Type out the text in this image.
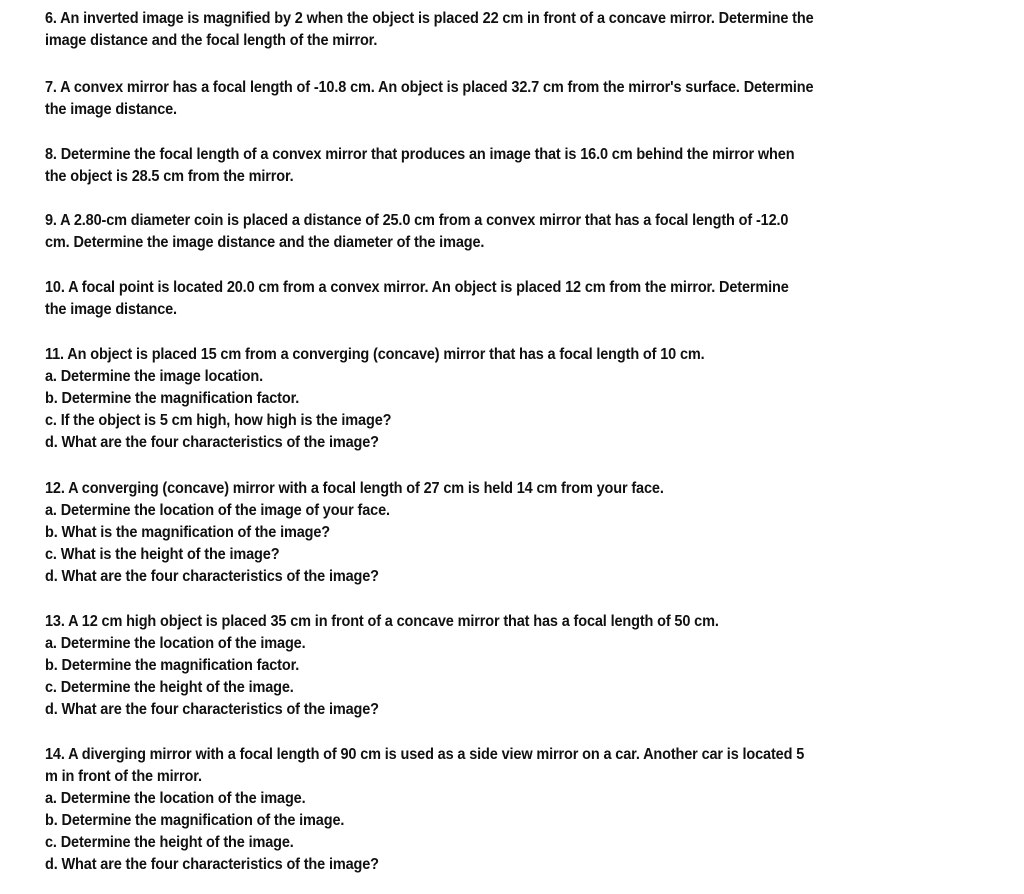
6. An inverted image is magnified by 2 when the object is placed 22 cm in front of a concave mirror. Determine the
image distance and the focal length of the mirror.
7. A convex mirror has a focal length of -10.8 cm. An object is placed 32.7 cm from the mirror's surface. Determine
the image distance.
8. Determine the focal length of a convex mirror that produces an image that is 16.0 cm behind the mirror when
the object is 28.5 cm from the mirror.
9. A 2.80-cm diameter coin is placed a distance of 25.0 cm from a convex mirror that has a focal length of -12.0
cm. Determine the image distance and the diameter of the image.
10. A focal point is located 20.0 cm from a convex mirror. An object is placed 12 cm from the mirror. Determine
the image distance.
11. An object is placed 15 cm from a converging (concave) mirror that has a focal length of 10 cm.
a. Determine the image location.
b. Determine the magnification factor.
c. If the object is 5 cm high, how high is the image?
d. What are the four characteristics of the image?
12. A converging (concave) mirror with a focal length of 27 cm is held 14 cm from your face.
a. Determine the location of the image of your face.
b. What is the magnification of the image?
c. What is the height of the image?
d. What are the four characteristics of the image?
13. A 12 cm high object is placed 35 cm in front of a concave mirror that has a focal length of 50 cm.
a. Determine the location of the image.
b. Determine the magnification factor.
c. Determine the height of the image.
d. What are the four characteristics of the image?
14. A diverging mirror with a focal length of 90 cm is used as a side view mirror on a car. Another car is located 5
m in front of the mirror.
a. Determine the location of the image.
b. Determine the magnification of the image.
c. Determine the height of the image.
d. What are the four characteristics of the image?
